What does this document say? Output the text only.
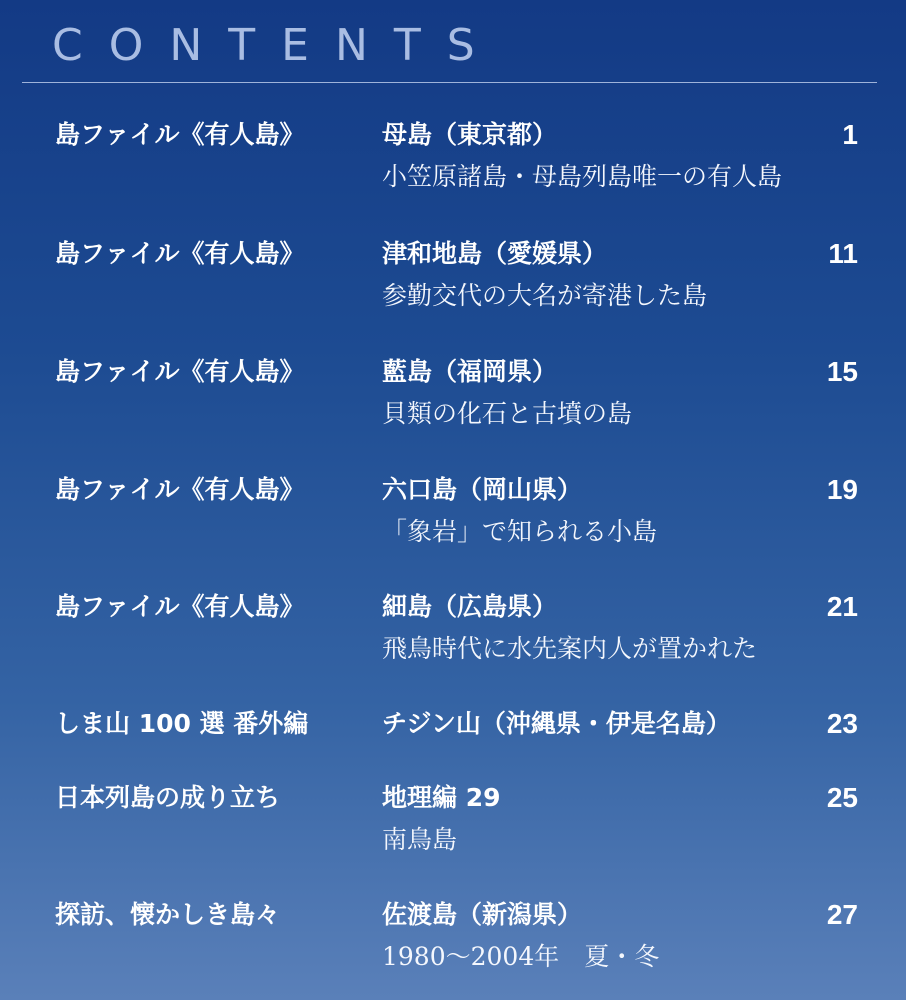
CONTENTS
島ファイル《有人島》	母島（東京都）	1
小笠原諸島・母島列島唯一の有人島
島ファイル《有人島》	津和地島（愛媛県）	11
参勤交代の大名が寄港した島
島ファイル《有人島》	藍島（福岡県）	15
貝類の化石と古墳の島
島ファイル《有人島》	六口島（岡山県）	19
「象岩」で知られる小島
島ファイル《有人島》	細島（広島県）	21
飛鳥時代に水先案内人が置かれた
しま山 100 選 番外編	チジン山（沖縄県・伊是名島）	23
日本列島の成り立ち	地理編 29	25
南鳥島
探訪、懐かしき島々	佐渡島（新潟県）	27
1980～2004年　夏・冬
